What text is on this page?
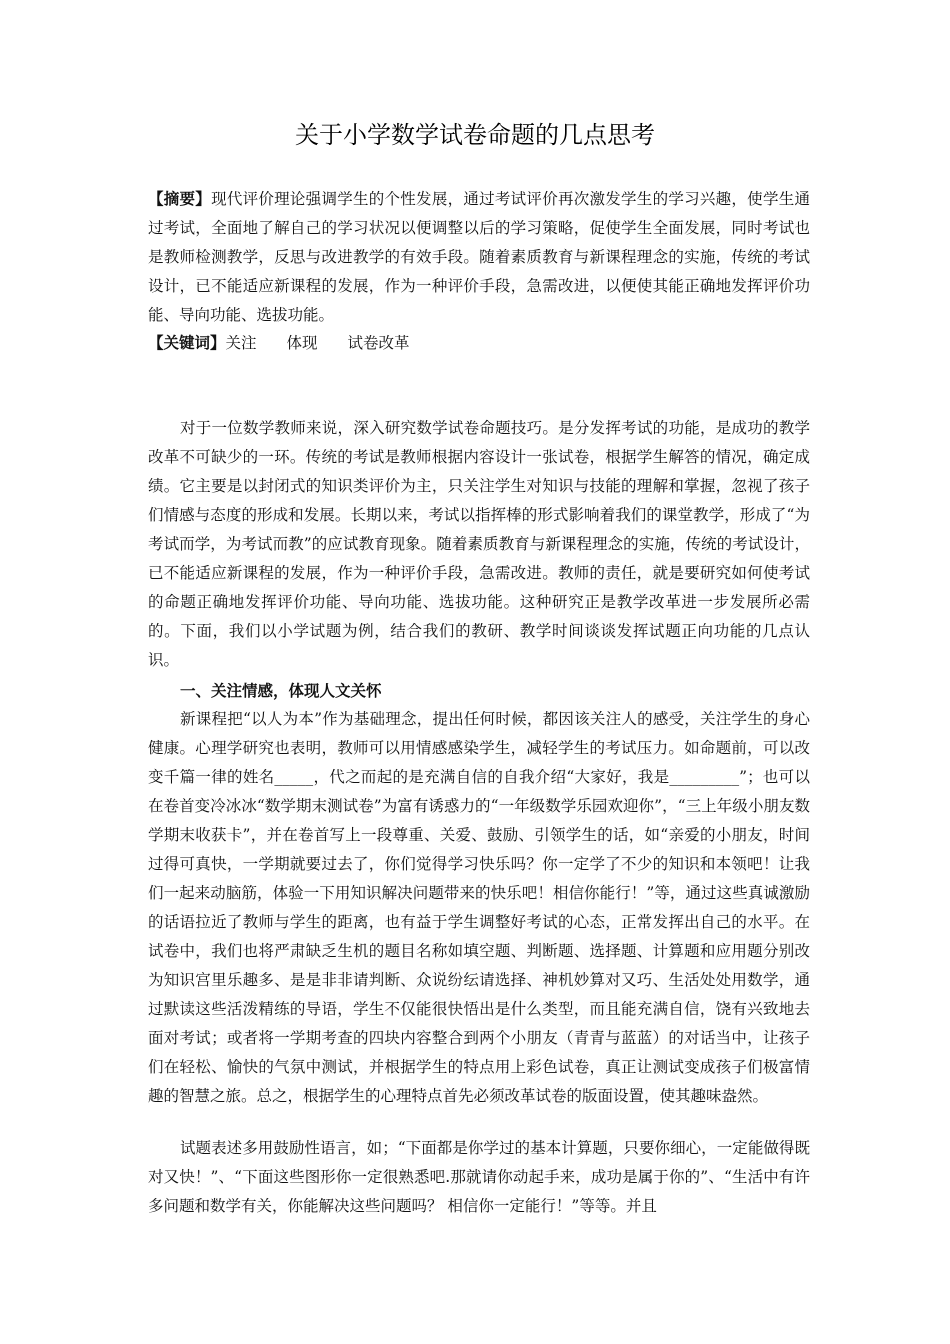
关于小学数学试卷命题的几点思考

【摘要】现代评价理论强调学生的个性发展，通过考试评价再次激发学生的学习兴趣，使学生通过考试，全面地了解自己的学习状况以便调整以后的学习策略，促使学生全面发展，同时考试也是教师检测教学，反思与改进教学的有效手段。随着素质教育与新课程理念的实施，传统的考试设计，已不能适应新课程的发展，作为一种评价手段，急需改进，以便使其能正确地发挥评价功能、导向功能、选拔功能。

【关键词】关注 体现 试卷改革

对于一位数学教师来说，深入研究数学试卷命题技巧。是分发挥考试的功能，是成功的教学改革不可缺少的一环。传统的考试是教师根据内容设计一张试卷，根据学生解答的情况，确定成绩。它主要是以封闭式的知识类评价为主，只关注学生对知识与技能的理解和掌握，忽视了孩子们情感与态度的形成和发展。长期以来，考试以指挥棒的形式影响着我们的课堂教学，形成了“为考试而学，为考试而教”的应试教育现象。随着素质教育与新课程理念的实施，传统的考试设计，已不能适应新课程的发展，作为一种评价手段，急需改进。教师的责任，就是要研究如何使考试的命题正确地发挥评价功能、导向功能、选拔功能。这种研究正是教学改革进一步发展所必需的。下面，我们以小学试题为例，结合我们的教研、教学时间谈谈发挥试题正向功能的几点认识。

一、关注情感，体现人文关怀

新课程把“以人为本”作为基础理念，提出任何时候，都因该关注人的感受，关注学生的身心健康。心理学研究也表明，教师可以用情感感染学生，减轻学生的考试压力。如命题前，可以改变千篇一律的姓名_____，代之而起的是充满自信的自我介绍“大家好，我是_________”；也可以在卷首变冷冰冰“数学期末测试卷”为富有诱惑力的“一年级数学乐园欢迎你”，“三上年级小朋友数学期末收获卡”，并在卷首写上一段尊重、关爱、鼓励、引领学生的话，如“亲爱的小朋友，时间过得可真快，一学期就要过去了，你们觉得学习快乐吗？你一定学了不少的知识和本领吧！让我们一起来动脑筋，体验一下用知识解决问题带来的快乐吧！相信你能行！”等，通过这些真诚激励的话语拉近了教师与学生的距离，也有益于学生调整好考试的心态，正常发挥出自己的水平。在试卷中，我们也将严肃缺乏生机的题目名称如填空题、判断题、选择题、计算题和应用题分别改为知识宫里乐趣多、是是非非请判断、众说纷纭请选择、神机妙算对又巧、生活处处用数学，通过默读这些活泼精练的导语，学生不仅能很快悟出是什么类型，而且能充满自信，饶有兴致地去面对考试；或者将一学期考查的四块内容整合到两个小朋友（青青与蓝蓝）的对话当中，让孩子们在轻松、愉快的气氛中测试，并根据学生的特点用上彩色试卷，真正让测试变成孩子们极富情趣的智慧之旅。总之，根据学生的心理特点首先必须改革试卷的版面设置，使其趣味盎然。

试题表述多用鼓励性语言，如；“下面都是你学过的基本计算题，只要你细心，一定能做得既对又快！”、“下面这些图形你一定很熟悉吧.那就请你动起手来，成功是属于你的”、“生活中有许多问题和数学有关，你能解决这些问题吗？ 相信你一定能行！”等等。并且
